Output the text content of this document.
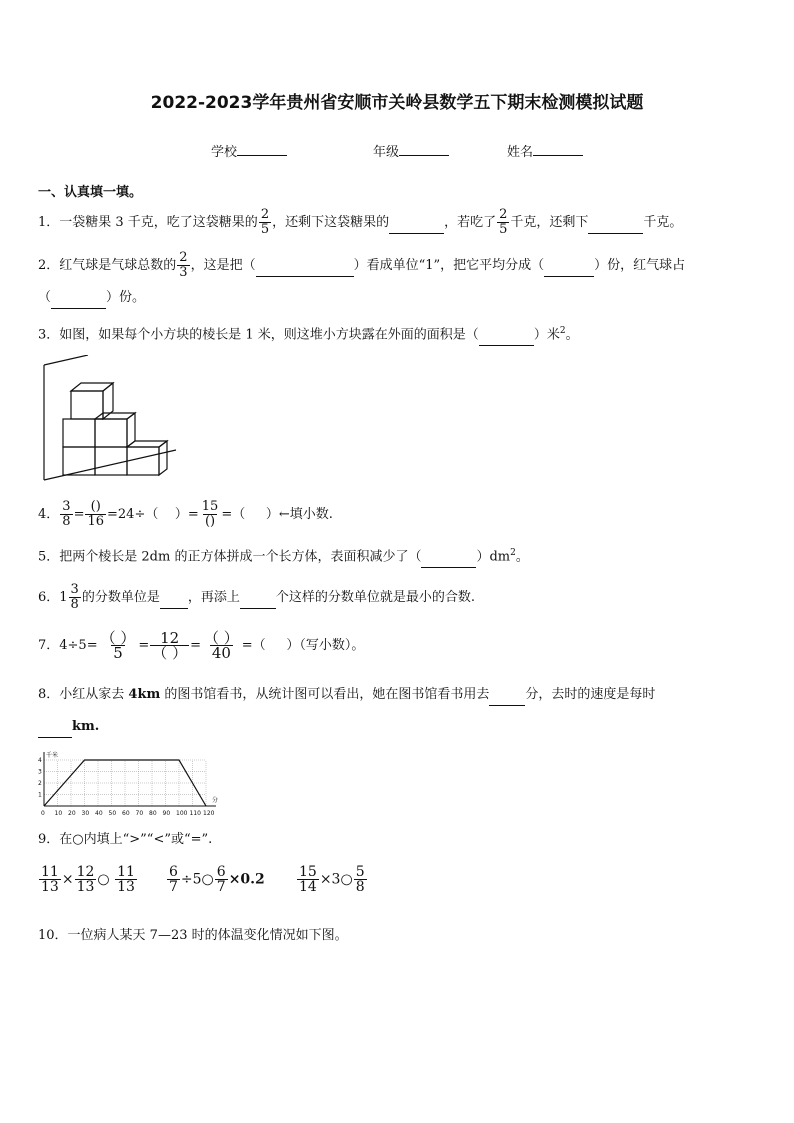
2022-2023学年贵州省安顺市关岭县数学五下期末检测模拟试题
学校	年级	姓名
一、认真填一填。
1．一袋糖果 3 千克，吃了这袋糖果的 $\frac{2}{5}$ ，还剩下这袋糖果的	，若吃了 $\frac{2}{5}$ 千克，还剩下	千克。
2．红气球是气球总数的 $\frac{2}{3}$ ，这是把（	）看成单位“1”，把它平均分成（	）份，红气球占
（	）份。
3．如图，如果每个小方块的棱长是 1 米，则这堆小方块露在外面的面积是（	）米$^2$。
4． $\frac{3}{8} = \frac{()}{16} =24\div$（ ）= $\frac{15}{()}$ =（ ）←填小数.
5．把两个棱长是 2dm 的正方体拼成一个长方体，表面积减少了（	）$dm^2$。
6．$1 \frac{3}{8}$ 的分数单位是 ，再添上	个这样的分数单位就是最小的合数.
7．$4\div 5= \frac{( )}{5} = \frac{12}{( )} = \frac{( )}{40}$ =（ ）（写小数）。
8．小红从家去 4km 的图书馆看书，从统计图可以看出，她在图书馆看书用去	分，去时的速度是每时
km.
1
2
3
4
0 10 20 30 40 50 60 70 80 90 100 110 120
千米
分
9．在○内填上“>”“<”或“=”.
$\frac{11}{13} \times \frac{12}{13}$ ○ $\frac{11}{13} \frac{6}{7}$ ÷5○ $\frac{6}{7} \times 0.2 \frac{15}{14}$ ×3○ $\frac{5}{8}$
10．一位病人某天 7—23 时的体温变化情况如下图。
